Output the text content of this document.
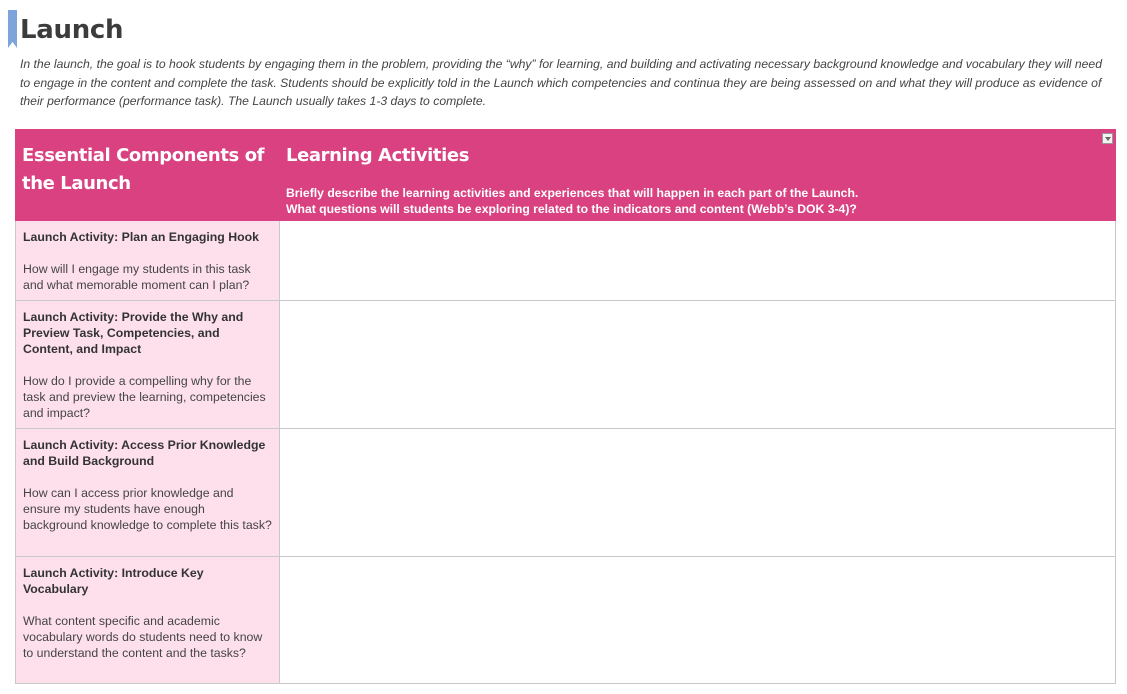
Launch
In the launch, the goal is to hook students by engaging them in the problem, providing the “why” for learning, and building and activating necessary background knowledge and vocabulary they will need to engage in the content and complete the task. Students should be explicitly told in the Launch which competencies and continua they are being assessed on and what they will produce as evidence of their performance (performance task). The Launch usually takes 1-3 days to complete.
Essential Components of the Launch	Learning Activities
Briefly describe the learning activities and experiences that will happen in each part of the Launch.
What questions will students be exploring related to the indicators and content (Webb’s DOK 3-4)?

Launch Activity: Plan an Engaging Hook
How will I engage my students in this task and what memorable moment can I plan?	

Launch Activity: Provide the Why and Preview Task, Competencies, and Content, and Impact
How do I provide a compelling why for the task and preview the learning, competencies and impact?	

Launch Activity: Access Prior Knowledge and Build Background
How can I access prior knowledge and ensure my students have enough background knowledge to complete this task?	

Launch Activity: Introduce Key Vocabulary
What content specific and academic vocabulary words do students need to know to understand the content and the tasks?	
